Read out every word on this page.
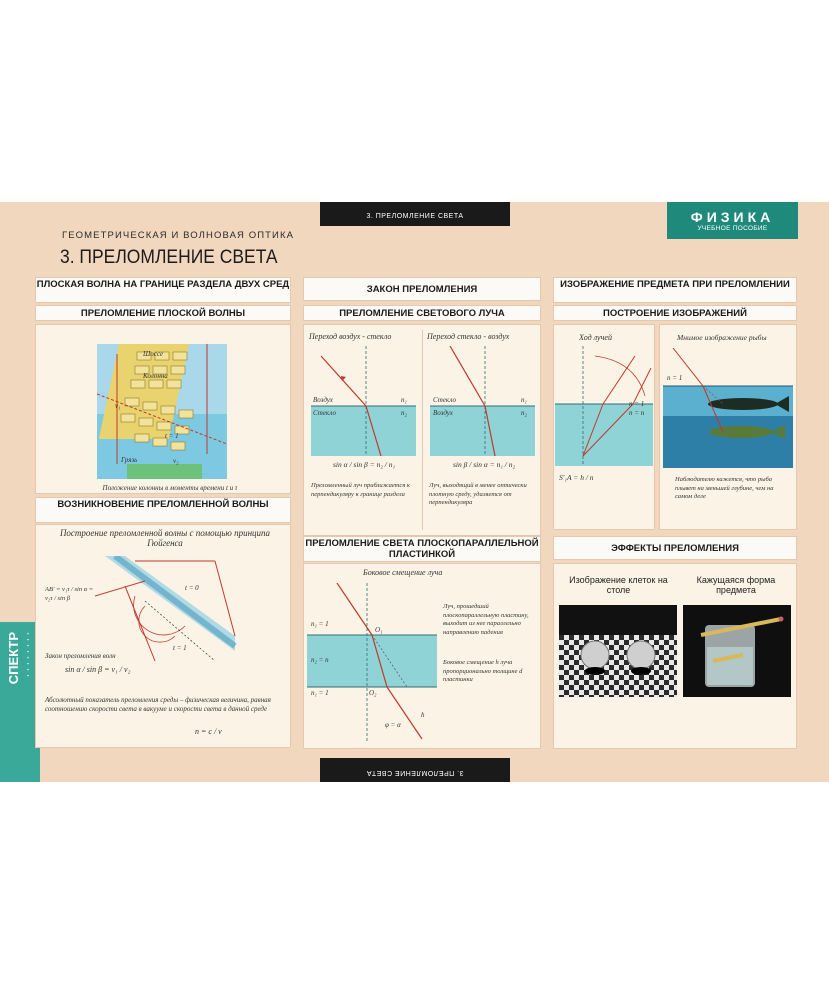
3. ПРЕЛОМЛЕНИЕ СВЕТА
3. ПРЕЛОМЛЕНИЕ СВЕТА
ФИЗИКА
УЧЕБНОЕ ПОСОБИЕ
ГЕОМЕТРИЧЕСКАЯ И ВОЛНОВАЯ ОПТИКА
3. ПРЕЛОМЛЕНИЕ СВЕТА
СПЕКТР ▪▪▪▪▪▪▪▪
ПЛОСКАЯ ВОЛНА НА ГРАНИЦЕ РАЗДЕЛА ДВУХ СРЕД
ПРЕЛОМЛЕНИЕ ПЛОСКОЙ ВОЛНЫ
Шоссе
Колонна
t = 1
Грязь
v₁
v₂
Положение колонны в моменты времени t и τ
ВОЗНИКНОВЕНИЕ ПРЕЛОМЛЕННОЙ ВОЛНЫ
Построение преломленной волны с помощью принципа Гюйгенса
AB' = v₁τ / sin α = v₂τ / sin β
t = 0
t = 1
Закон преломления волн
sin α / sin β = v₁ / v₂
Абсолютный показатель преломления среды – физическая величина, равная соотношению скорости света в вакууме и скорости света в данной среде
n = c / v
ЗАКОН ПРЕЛОМЛЕНИЯ
ПРЕЛОМЛЕНИЕ СВЕТОВОГО ЛУЧА
Переход воздух - стекло	Переход стекло - воздух
Воздух
Стекло
n₁
n₂
sin α / sin β = n₂ / n₁
Преломленный луч приближается к перпендикуляру к границе раздела
Стекло
Воздух
n₁
n₂
sin β / sin α = n₁ / n₂
Луч, выходящий в менее оптически плотную среду, удаляется от перпендикуляра
ПРЕЛОМЛЕНИЕ СВЕТА ПЛОСКОПАРАЛЛЕЛЬНОЙ ПЛАСТИНКОЙ
Боковое смещение луча
n₁ = 1
n₂ = n
n₁ = 1
O₁
O₂
φ = α
h
Луч, прошедший плоскопараллельную пластину, выходит из нее параллельно направлению падения
Боковое смещение h луча пропорционально толщине d пластинки
ИЗОБРАЖЕНИЕ ПРЕДМЕТА ПРИ ПРЕЛОМЛЕНИИ
ПОСТРОЕНИЕ ИЗОБРАЖЕНИЙ
Ход лучей
n = 1
n = n
S'₁A = h / n
Мнимое изображение рыбы
n = 1
Наблюдателю кажется, что рыба плывет на меньшей глубине, чем на самом деле
ЭФФЕКТЫ ПРЕЛОМЛЕНИЯ
Изображение клеток на столе
Кажущаяся форма предмета
